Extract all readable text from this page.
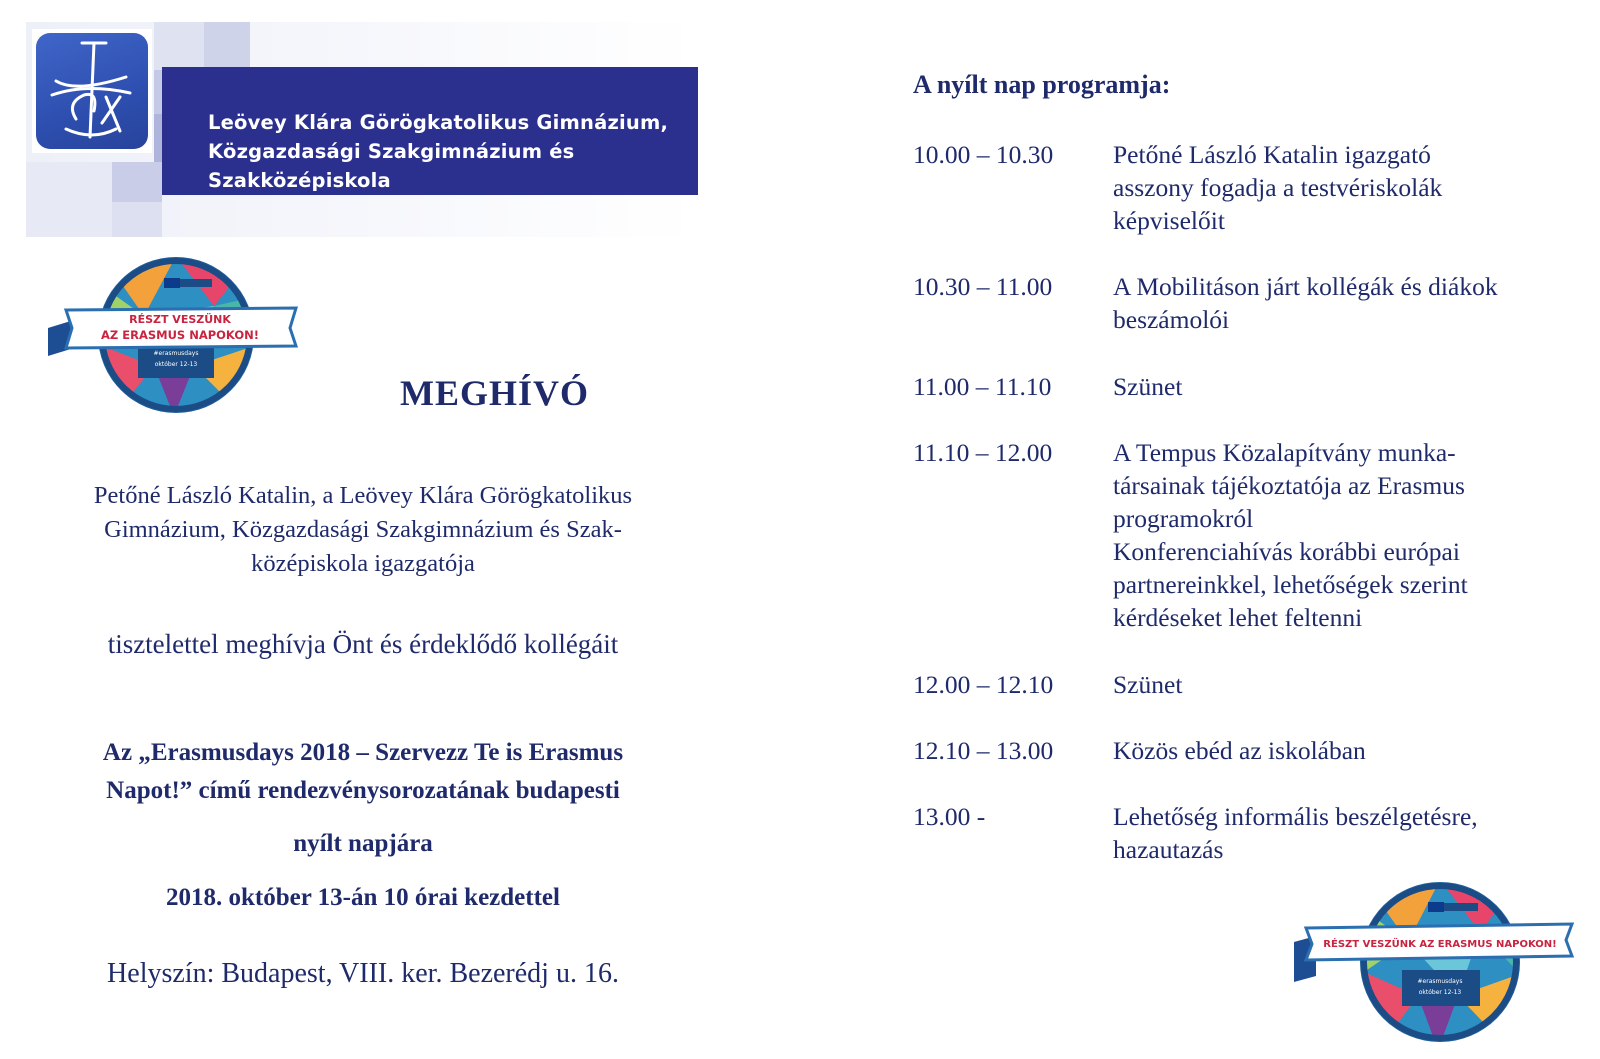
Leövey Klára Görögkatolikus Gimnázium,
Közgazdasági Szakgimnázium és
Szakközépiskola
RÉSZT VESZÜNK
AZ ERASMUS NAPOKON!
#erasmusdays
október 12-13
MEGHÍVÓ
Petőné László Katalin, a Leövey Klára Görögkatolikus
Gimnázium, Közgazdasági Szakgimnázium és Szak-
középiskola igazgatója
tisztelettel meghívja Önt és érdeklődő kollégáit
Az „Erasmusdays 2018 – Szervezz Te is Erasmus
Napot!” című rendezvénysorozatának budapesti
nyílt napjára
2018. október 13-án 10 órai kezdettel
Helyszín: Budapest, VIII. ker. Bezerédj u. 16.
A nyílt nap programja:
10.00 – 10.30 Petőné László Katalin igazgató
asszony fogadja a testvériskolák
képviselőit
10.30 – 11.00 A Mobilitáson járt kollégák és diákok
beszámolói
11.00 – 11.10 Szünet
11.10 – 12.00 A Tempus Közalapítvány munka-
társainak tájékoztatója az Erasmus
programokról
Konferenciahívás korábbi európai
partnereinkkel, lehetőségek szerint
kérdéseket lehet feltenni
12.00 – 12.10 Szünet
12.10 – 13.00 Közös ebéd az iskolában
13.00 -	Lehetőség informális beszélgetésre,
hazautazás
RÉSZT VESZÜNK AZ ERASMUS NAPOKON!
#erasmusdays
október 12-13
